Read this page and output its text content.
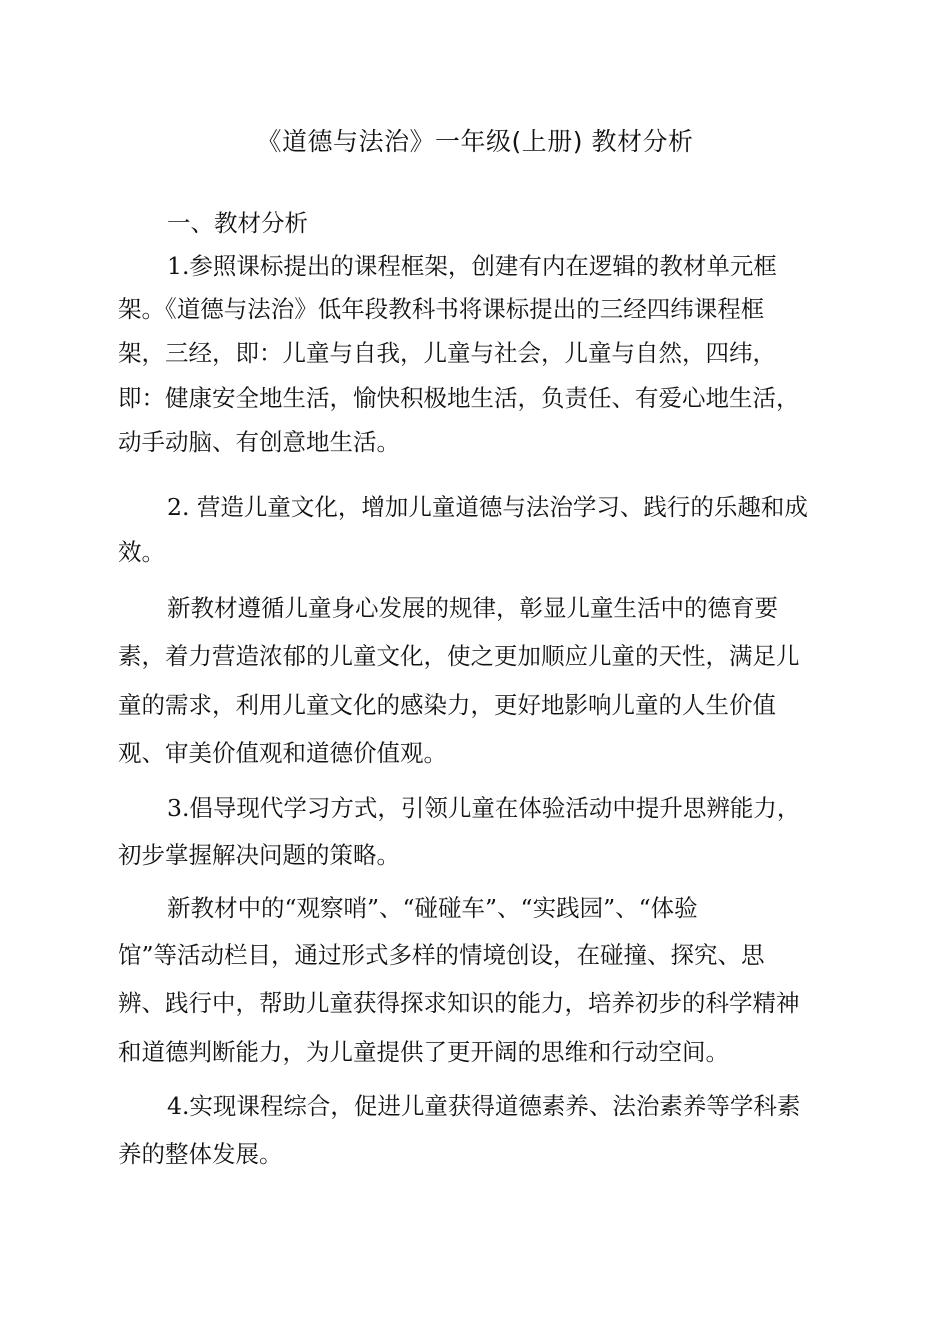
《道德与法治》一年级(上册) 教材分析
一、教材分析
1.参照课标提出的课程框架，创建有内在逻辑的教材单元框
架。《道德与法治》低年段教科书将课标提出的三经四纬课程框
架，三经，即：儿童与自我，儿童与社会，儿童与自然，四纬，
即：健康安全地生活，愉快积极地生活，负责任、有爱心地生活，
动手动脑、有创意地生活。
2. 营造儿童文化，增加儿童道德与法治学习、践行的乐趣和成
效。
新教材遵循儿童身心发展的规律，彰显儿童生活中的德育要
素，着力营造浓郁的儿童文化，使之更加顺应儿童的天性，满足儿
童的需求，利用儿童文化的感染力，更好地影响儿童的人生价值
观、审美价值观和道德价值观。
3.倡导现代学习方式，引领儿童在体验活动中提升思辨能力，
初步掌握解决问题的策略。
新教材中的“观察哨”、“碰碰车”、“实践园”、“体验
馆”等活动栏目，通过形式多样的情境创设，在碰撞、探究、思
辨、践行中，帮助儿童获得探求知识的能力，培养初步的科学精神
和道德判断能力，为儿童提供了更开阔的思维和行动空间。
4.实现课程综合，促进儿童获得道德素养、法治素养等学科素
养的整体发展。
